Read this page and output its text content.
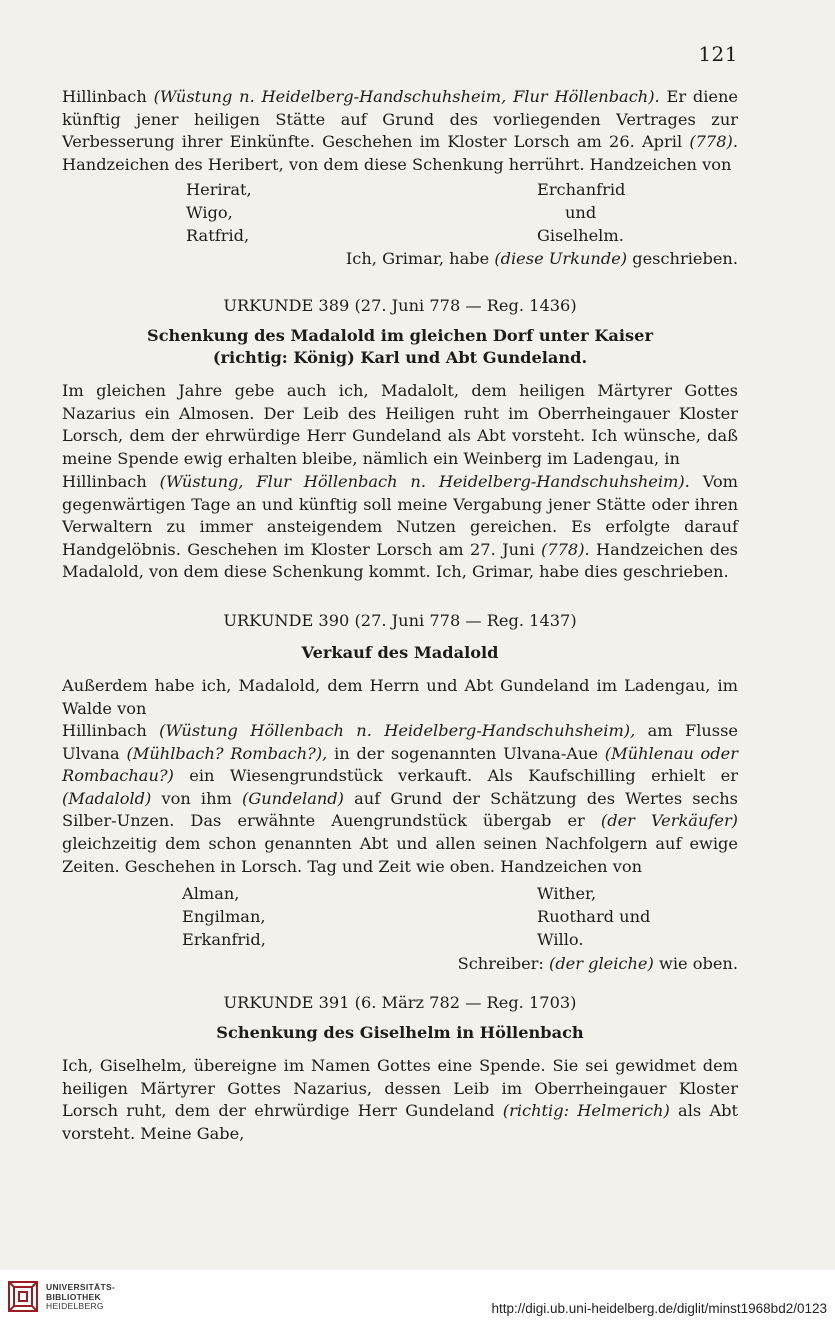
121

Hillinbach (Wüstung n. Heidelberg-Handschuhsheim, Flur Höllenbach). Er diene künftig jener heiligen Stätte auf Grund des vorliegenden Vertrages zur Verbesserung ihrer Einkünfte. Geschehen im Kloster Lorsch am 26. April (778). Handzeichen des Heribert, von dem diese Schenkung herrührt. Handzeichen von

Herirat,
Wigo,
Ratfrid,
Erchanfrid
und
Giselhelm.
Ich, Grimar, habe (diese Urkunde) geschrieben.
URKUNDE 389 (27. Juni 778 — Reg. 1436)
Schenkung des Madalold im gleichen Dorf unter Kaiser
(richtig: König) Karl und Abt Gundeland.

Im gleichen Jahre gebe auch ich, Madalolt, dem heiligen Märtyrer Gottes Nazarius ein Almosen. Der Leib des Heiligen ruht im Oberrheingauer Kloster Lorsch, dem der ehrwürdige Herr Gundeland als Abt vorsteht. Ich wünsche, daß meine Spende ewig erhalten bleibe, nämlich ein Weinberg im Ladengau, in

Hillinbach (Wüstung, Flur Höllenbach n. Heidelberg-Handschuhsheim). Vom gegenwärtigen Tage an und künftig soll meine Vergabung jener Stätte oder ihren Verwaltern zu immer ansteigendem Nutzen gereichen. Es erfolgte darauf Handgelöbnis. Geschehen im Kloster Lorsch am 27. Juni (778). Handzeichen des Madalold, von dem diese Schenkung kommt. Ich, Grimar, habe dies geschrieben.

URKUNDE 390 (27. Juni 778 — Reg. 1437)
Verkauf des Madalold

Außerdem habe ich, Madalold, dem Herrn und Abt Gundeland im Ladengau, im Walde von

Hillinbach (Wüstung Höllenbach n. Heidelberg-Handschuhsheim), am Flusse Ulvana (Mühlbach? Rombach?), in der sogenannten Ulvana-Aue (Mühlenau oder Rombachau?) ein Wiesengrundstück verkauft. Als Kaufschilling erhielt er (Madalold) von ihm (Gundeland) auf Grund der Schätzung des Wertes sechs Silber-Unzen. Das erwähnte Auengrundstück übergab er (der Verkäufer) gleichzeitig dem schon genannten Abt und allen seinen Nachfolgern auf ewige Zeiten. Geschehen in Lorsch. Tag und Zeit wie oben. Handzeichen von

Alman,
Engilman,
Erkanfrid,
Wither,
Ruothard und
Willo.
Schreiber: (der gleiche) wie oben.
URKUNDE 391 (6. März 782 — Reg. 1703)
Schenkung des Giselhelm in Höllenbach

Ich, Giselhelm, übereigne im Namen Gottes eine Spende. Sie sei gewidmet dem heiligen Märtyrer Gottes Nazarius, dessen Leib im Oberrheingauer Kloster Lorsch ruht, dem der ehrwürdige Herr Gundeland (richtig: Helmerich) als Abt vorsteht. Meine Gabe,

UNIVERSITÄTS-
BIBLIOTHEK
HEIDELBERG	http://digi.ub.uni-heidelberg.de/diglit/minst1968bd2/0123
